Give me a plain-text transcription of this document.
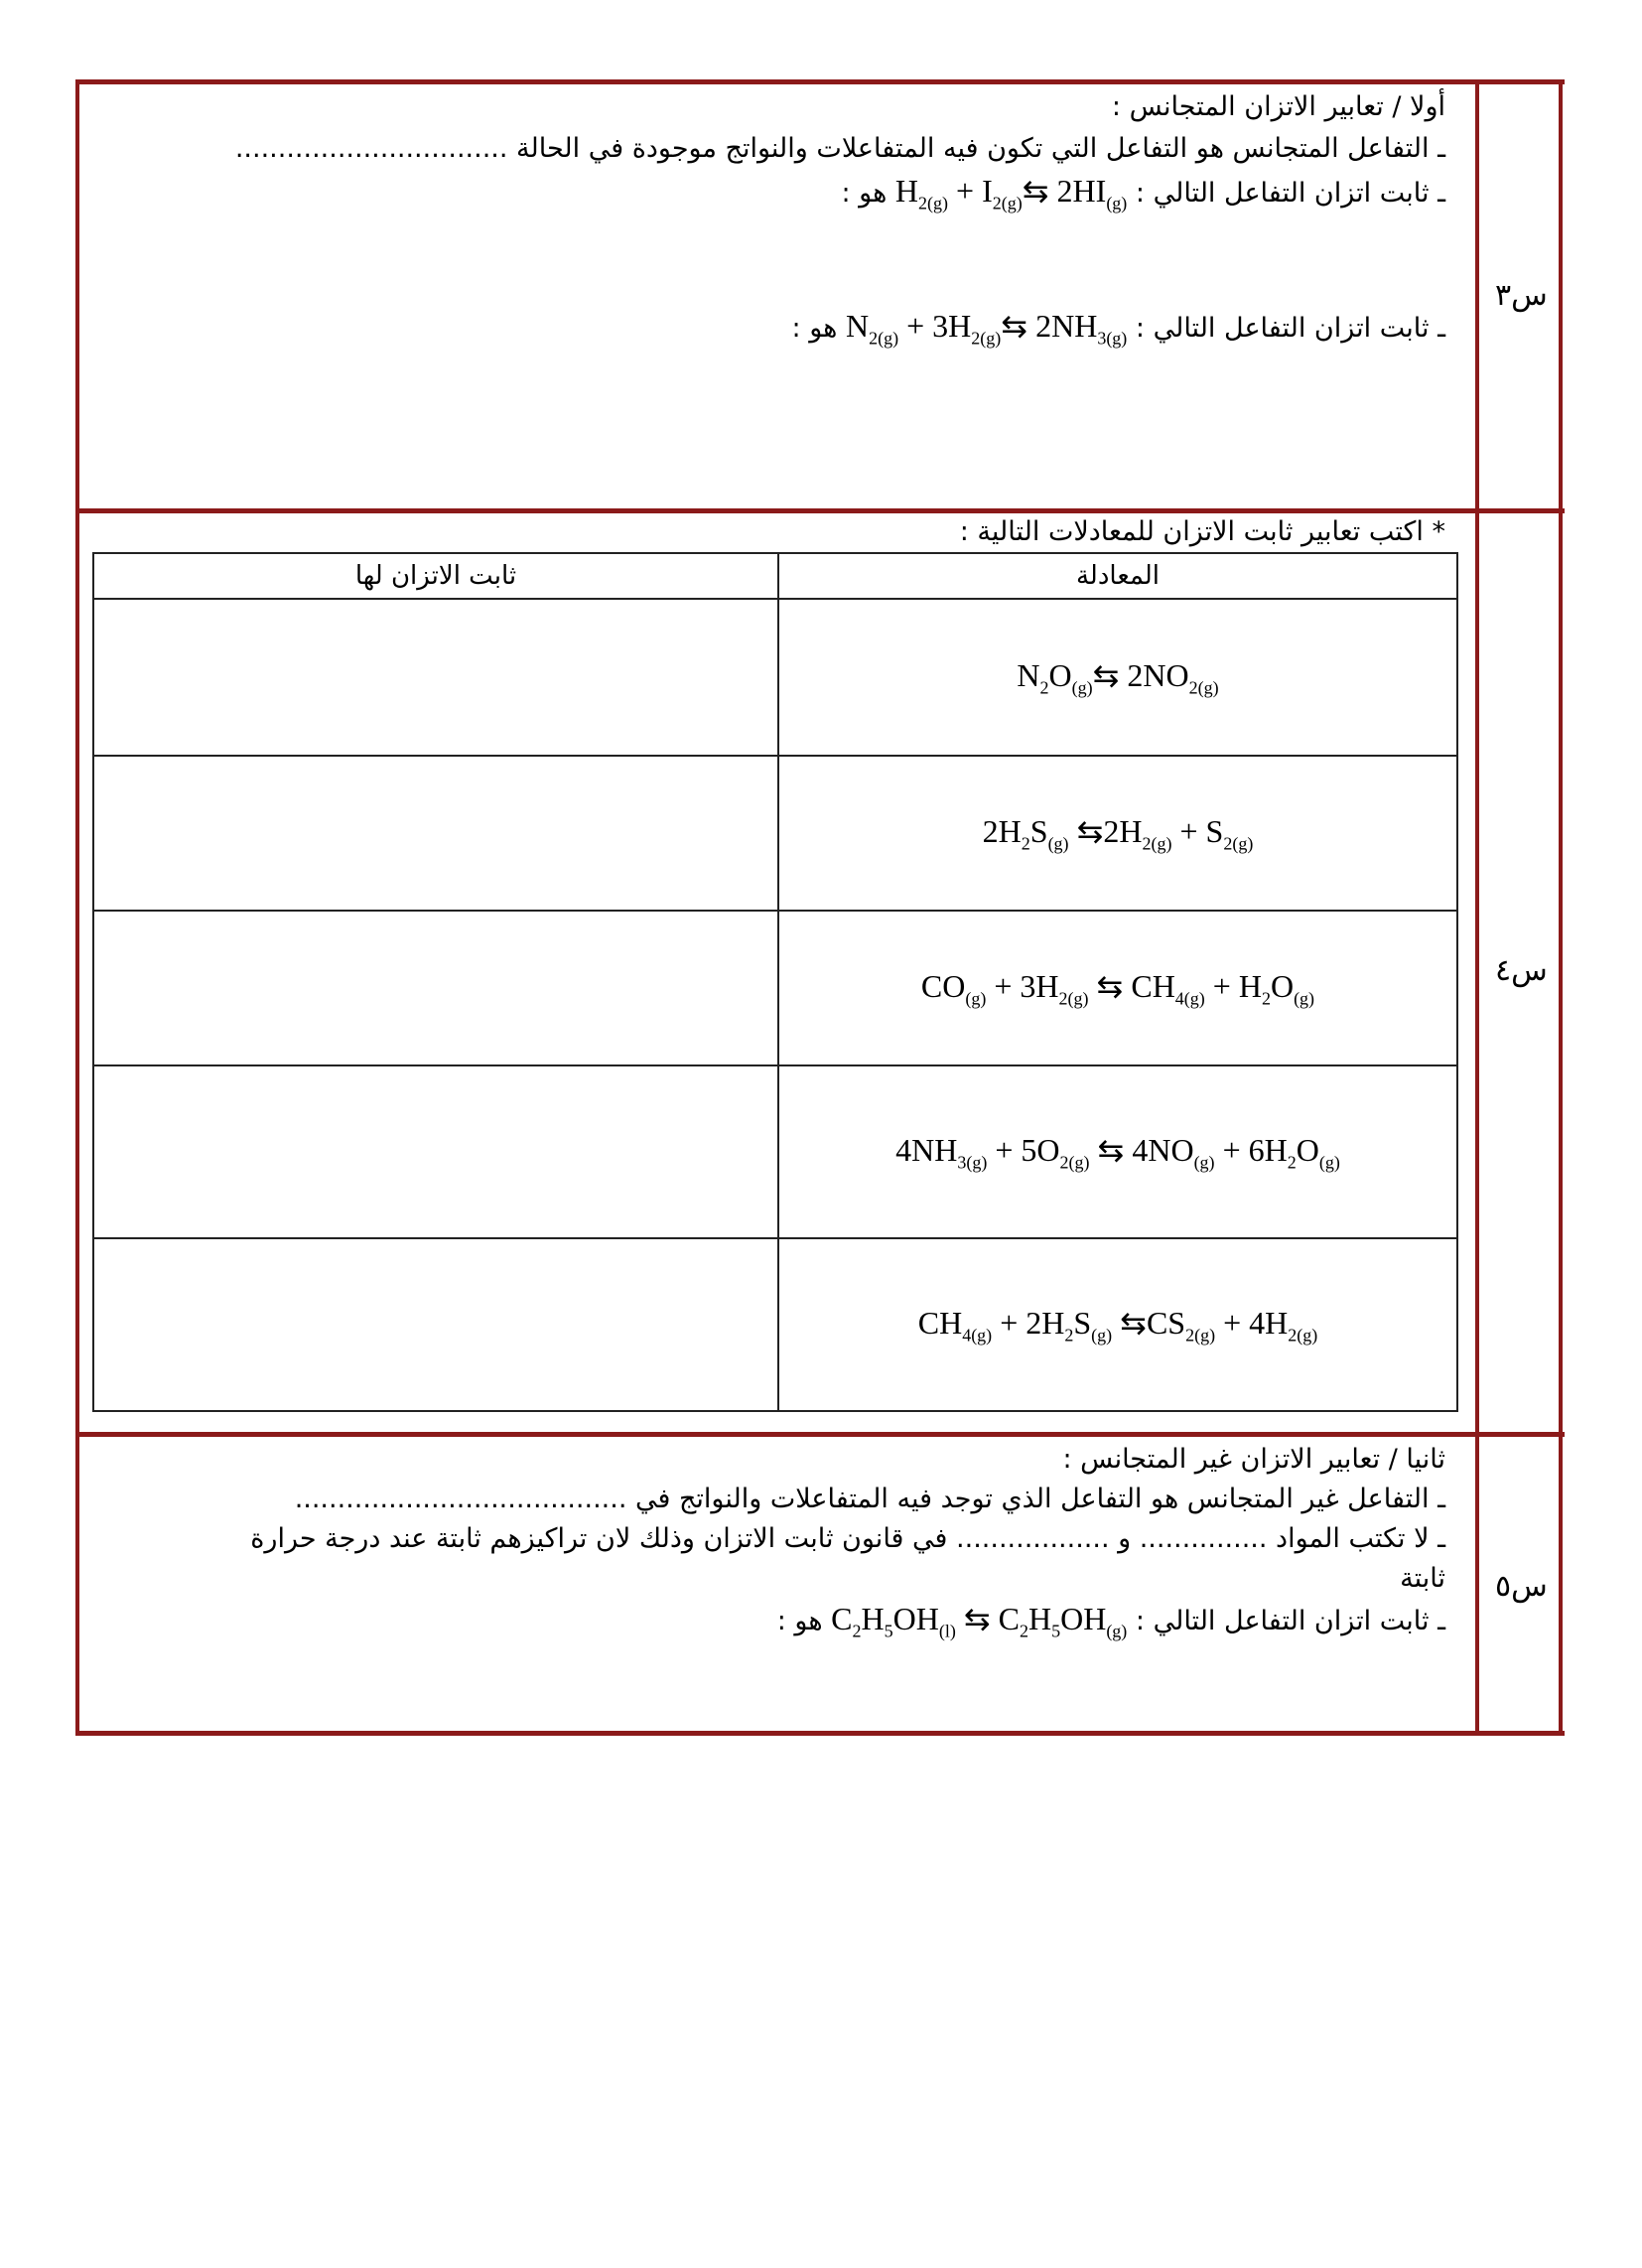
س٣
أولا / تعابير الاتزان المتجانس :
ـ التفاعل المتجانس هو التفاعل التي تكون فيه المتفاعلات والنواتج موجودة في الحالة ................................
ـ ثابت اتزان التفاعل التالي : $H_{2(g)}$ + $I_{2(g)}⇆$ $2HI_{(g)}$ هو :
ـ ثابت اتزان التفاعل التالي : $N_{2(g)}$ + $3H_{2(g)}⇆$ $2NH_{3(g)}$ هو :
س٤
* اكتب تعابير ثابت الاتزان للمعادلات التالية :
ثابت الاتزان لها	المعادلة
	$N_2O_{(g)}⇆$ $2NO_{2(g)}$
	$2H_2S_{(g)}$ $⇆2H_{2(g)} + S_{2(g)}$
	$CO_{(g)} + 3H_{2(g)}$ ⇆ $CH_{4(g)} + H_2O_{(g)}$
	$4NH_{3(g)} + 5O_{2(g)}$ ⇆ $4NO_{(g)} + 6H_2O_{(g)}$
	$CH_{4(g)} + 2H_2S_{(g)}$ $⇆CS_{2(g)} + 4H_{2(g)}$
س٥
ثانيا / تعابير الاتزان غير المتجانس :
ـ التفاعل غير المتجانس هو التفاعل الذي توجد فيه المتفاعلات والنواتج في .......................................
ـ لا تكتب المواد ............... و .................. في قانون ثابت الاتزان وذلك لان تراكيزهم ثابتة عند درجة حرارة
ثابتة
ـ ثابت اتزان التفاعل التالي : $C_2H_5OH_{(l)}$ ⇆ $C_2H_5OH_{(g)}$ هو :
